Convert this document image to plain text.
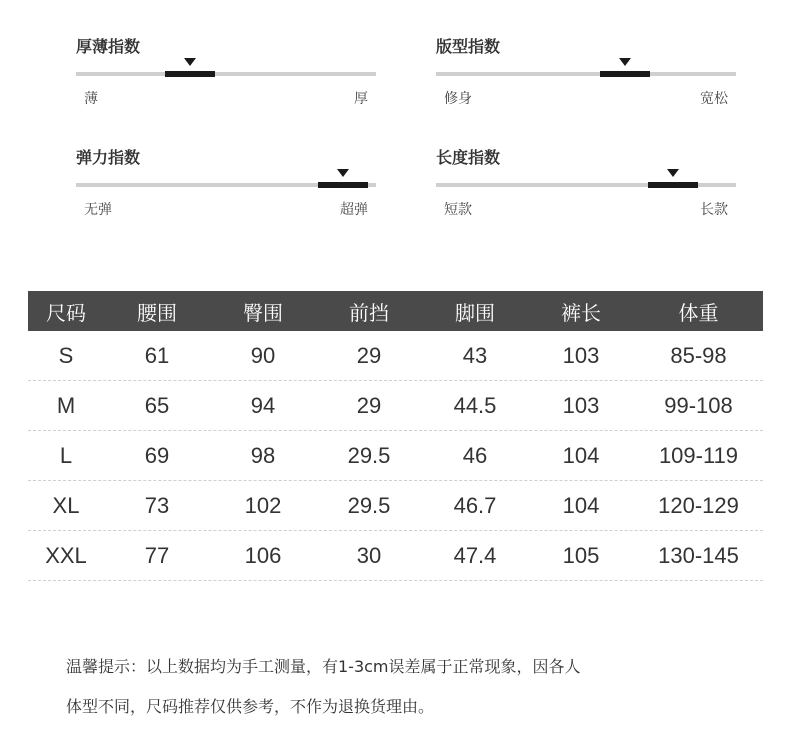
厚薄指数
薄	厚
版型指数
修身	宽松
弹力指数
无弹	超弹
长度指数
短款	长款
尺码	腰围	臀围	前挡	脚围	裤长	体重
S	61	90	29	43	103	85-98
M	65	94	29	44.5	103	99-108
L	69	98	29.5	46	104	109-119
XL	73	102	29.5	46.7	104	120-129
XXL	77	106	30	47.4	105	130-145
温馨提示：以上数据均为手工测量，有1-3cm误差属于正常现象，因各人
体型不同，尺码推荐仅供参考，不作为退换货理由。
